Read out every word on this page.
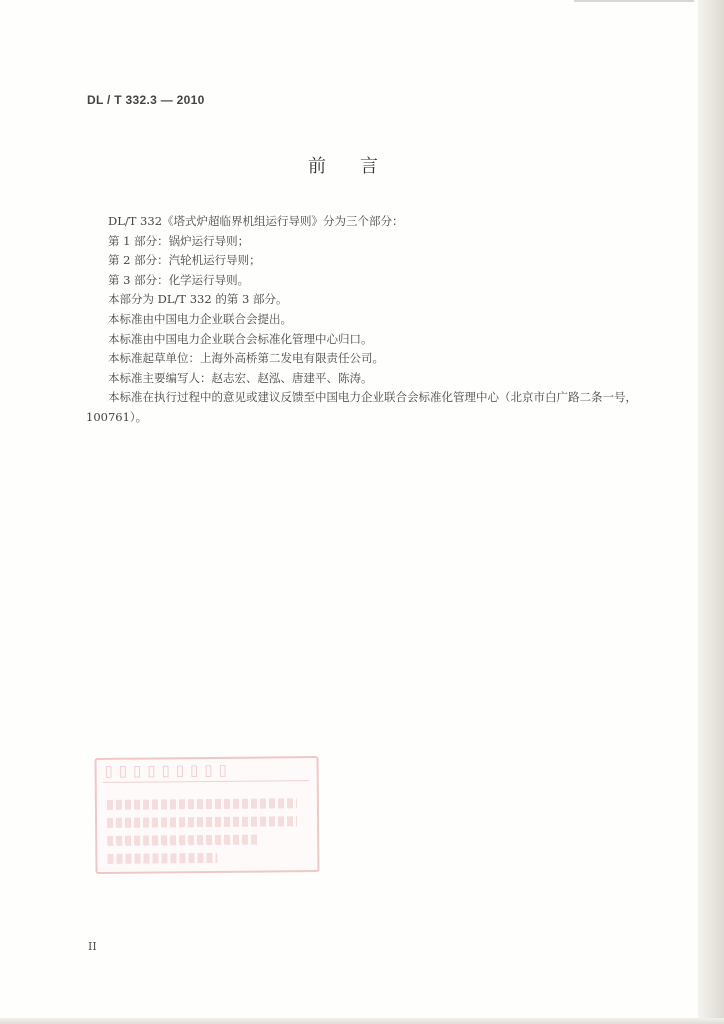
DL / T 332.3 — 2010
前言

DL/T 332《塔式炉超临界机组运行导则》分为三个部分：

第 1 部分：锅炉运行导则；

第 2 部分：汽轮机运行导则；

第 3 部分：化学运行导则。

本部分为 DL/T 332 的第 3 部分。

本标准由中国电力企业联合会提出。

本标准由中国电力企业联合会标准化管理中心归口。

本标准起草单位：上海外高桥第二发电有限责任公司。

本标准主要编写人：赵志宏、赵泓、唐建平、陈涛。

本标准在执行过程中的意见或建议反馈至中国电力企业联合会标准化管理中心（北京市白广路二条一号，100761）。

▯▯▯▯▯▯▯▯▯
II
